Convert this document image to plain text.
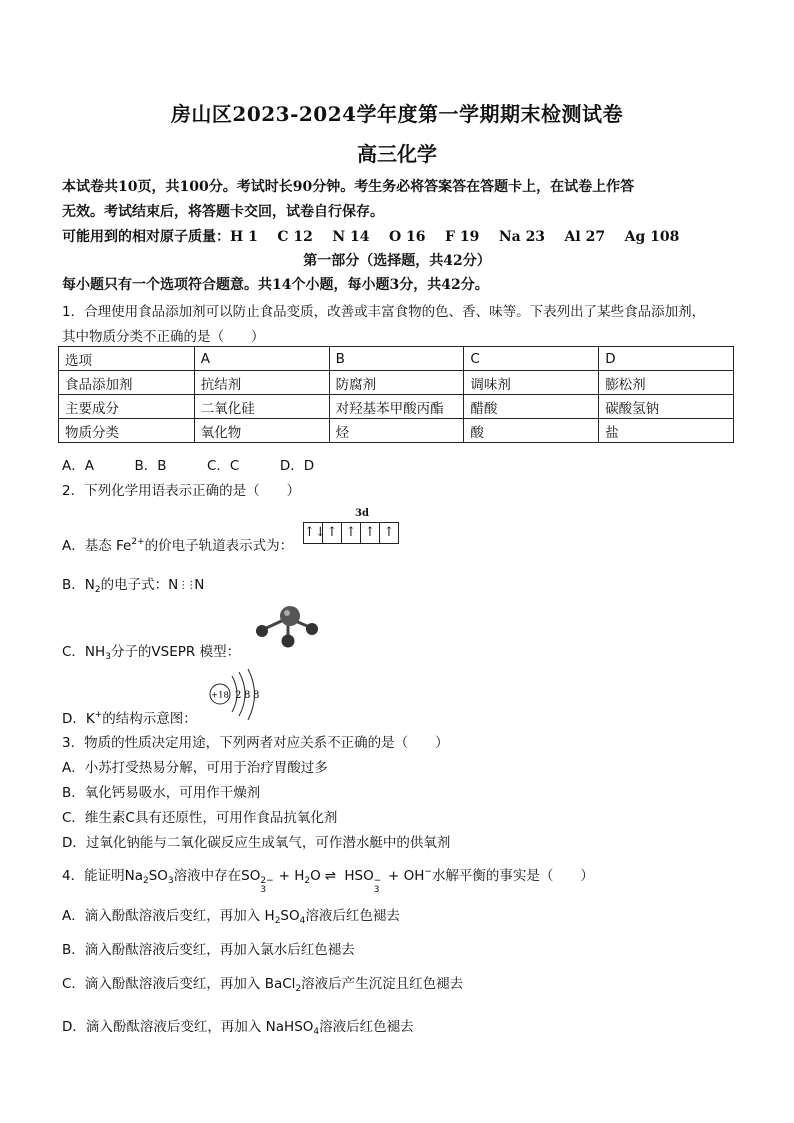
房山区2023-2024学年度第一学期期末检测试卷
高三化学
本试卷共10页，共100分。考试时长90分钟。考生务必将答案答在答题卡上，在试卷上作答
无效。考试结束后，将答题卡交回，试卷自行保存。
可能用到的相对原子质量：H 1    C 12    N 14    O 16    F 19    Na 23    Al 27    Ag 108
第一部分（选择题，共42分）
每小题只有一个选项符合题意。共14个小题，每小题3分，共42分。
1．合理使用食品添加剂可以防止食品变质，改善或丰富食物的色、香、味等。下表列出了某些食品添加剂，
其中物质分类不正确的是（　　）
选项	A	B	C	D
食品添加剂	抗结剂	防腐剂	调味剂	膨松剂
主要成分	二氧化硅	对羟基苯甲酸丙酯	醋酸	碳酸氢钠
物质分类	氧化物	烃	酸	盐
A．A　　　B．B　　　C．C　　　D．D
2．下列化学用语表示正确的是（　　）
3d
↑↓ ↑ ↑ ↑ ↑
A．基态 $Fe^{2+}$的价电子轨道表示式为：
B．$N_2$的电子式：N⋮⋮N
C．$NH_3$分子的VSEPR 模型：
+18 2 8 8
D．K+的结构示意图：
3．物质的性质决定用途，下列两者对应关系不正确的是（　　）
A．小苏打受热易分解，可用于治疗胃酸过多
B．氧化钙易吸水，可用作干燥剂
C．维生素C具有还原性，可用作食品抗氧化剂
D．过氧化钠能与二氧化碳反应生成氧气，可作潜水艇中的供氧剂
4．能证明$Na_2SO_3$溶液中存在SO 2−
3
+ $H_2O$ ⇌ HSO −
3
+ OH−水解平衡的事实是（　　）
A．滴入酚酞溶液后变红，再加入 $H_2SO_4$溶液后红色褪去
B．滴入酚酞溶液后变红，再加入氯水后红色褪去
C．滴入酚酞溶液后变红，再加入 BaCl$_2$溶液后产生沉淀且红色褪去
D．滴入酚酞溶液后变红，再加入 NaHSO$_4$溶液后红色褪去
